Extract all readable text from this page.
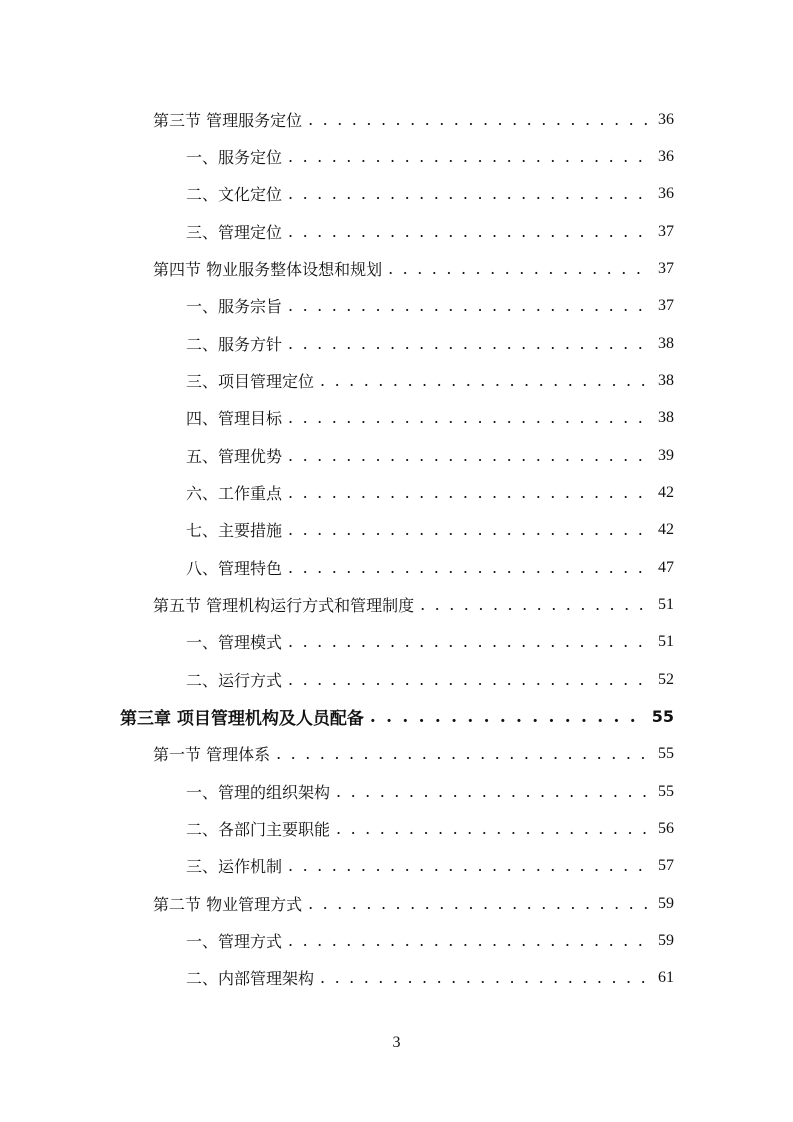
第三节 管理服务定位 . . .	36
一、服务定位 . . .	36
二、文化定位 . . .	36
三、管理定位 . . .	37
第四节 物业服务整体设想和规划 . . .	37
一、服务宗旨 . . .	37
二、服务方针 . . .	38
三、项目管理定位 . . .	38
四、管理目标 . . .	38
五、管理优势 . . .	39
六、工作重点 . . .	42
七、主要措施 . . .	42
八、管理特色 . . .	47
第五节 管理机构运行方式和管理制度 . . .	51
一、管理模式 . . .	51
二、运行方式 . . .	52
第三章 项目管理机构及人员配备 . . .	55
第一节 管理体系 . . .	55
一、管理的组织架构 . . .	55
二、各部门主要职能 . . .	56
三、运作机制 . . .	57
第二节 物业管理方式 . . .	59
一、管理方式 . . .	59
二、内部管理架构 . . .	61
3
